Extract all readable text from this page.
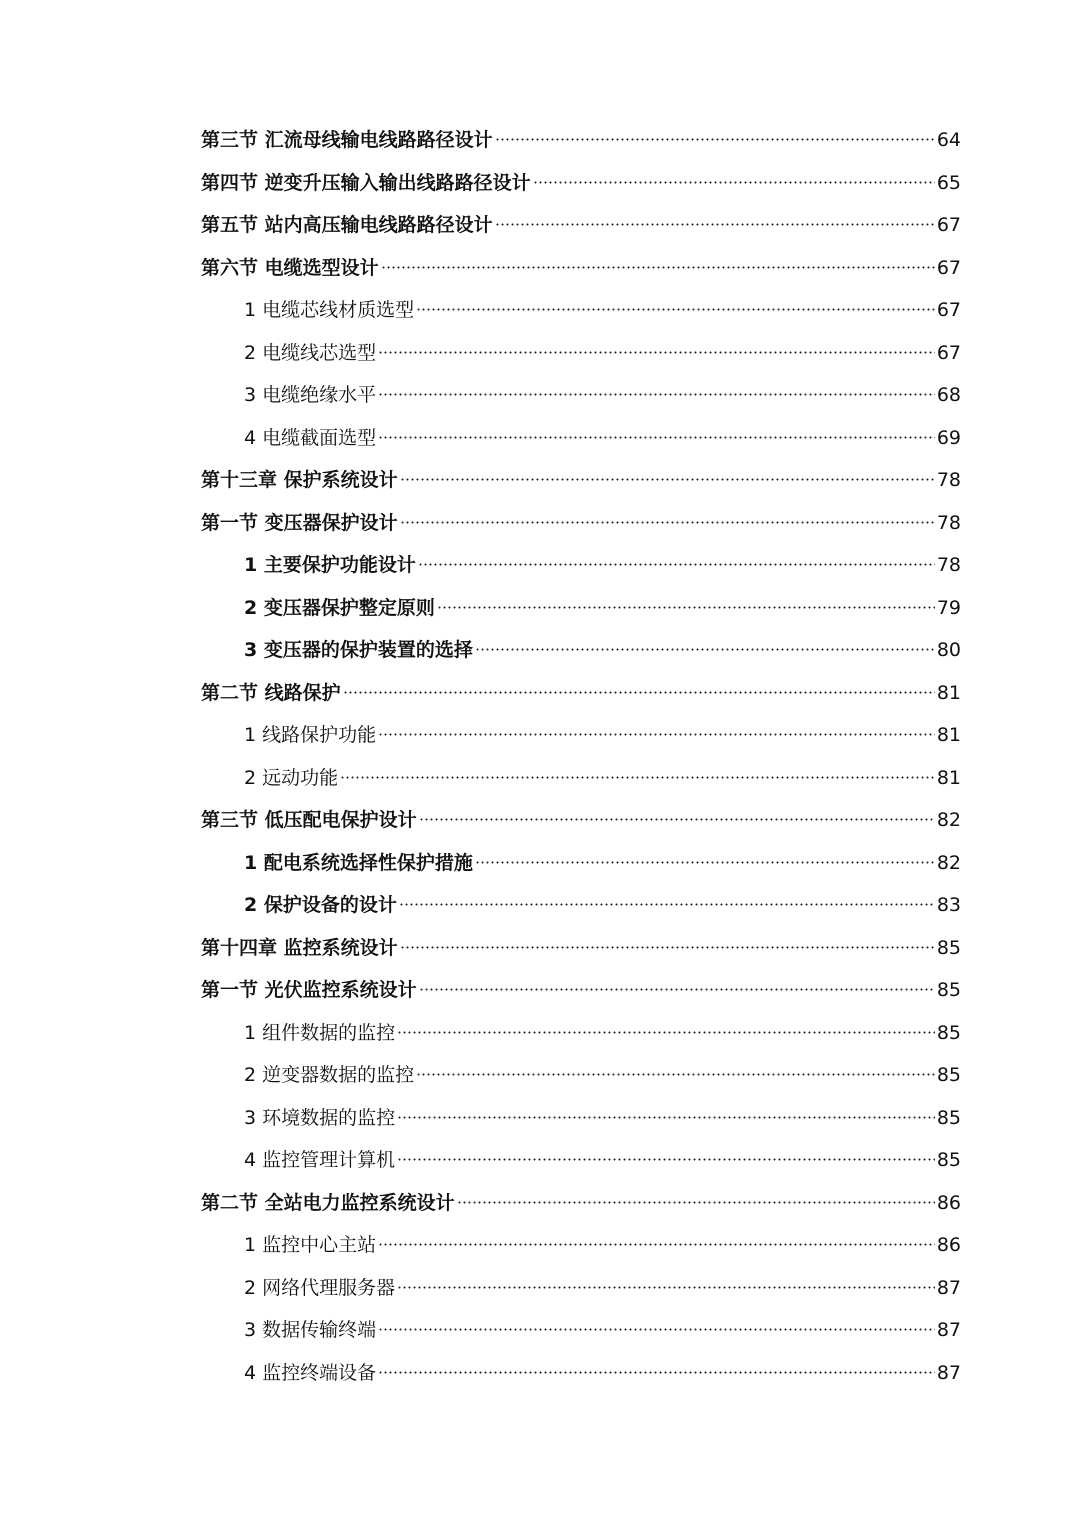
第三节 汇流母线输电线路路径设计	64
第四节 逆变升压输入输出线路路径设计	65
第五节 站内高压输电线路路径设计	67
第六节 电缆选型设计	67
1 电缆芯线材质选型	67
2 电缆线芯选型	67
3 电缆绝缘水平	68
4 电缆截面选型	69
第十三章 保护系统设计	78
第一节 变压器保护设计	78
1 主要保护功能设计	78
2 变压器保护整定原则	79
3 变压器的保护装置的选择	80
第二节 线路保护	81
1 线路保护功能	81
2 远动功能	81
第三节 低压配电保护设计	82
1 配电系统选择性保护措施	82
2 保护设备的设计	83
第十四章 监控系统设计	85
第一节 光伏监控系统设计	85
1 组件数据的监控	85
2 逆变器数据的监控	85
3 环境数据的监控	85
4 监控管理计算机	85
第二节 全站电力监控系统设计	86
1 监控中心主站	86
2 网络代理服务器	87
3 数据传输终端	87
4 监控终端设备	87
